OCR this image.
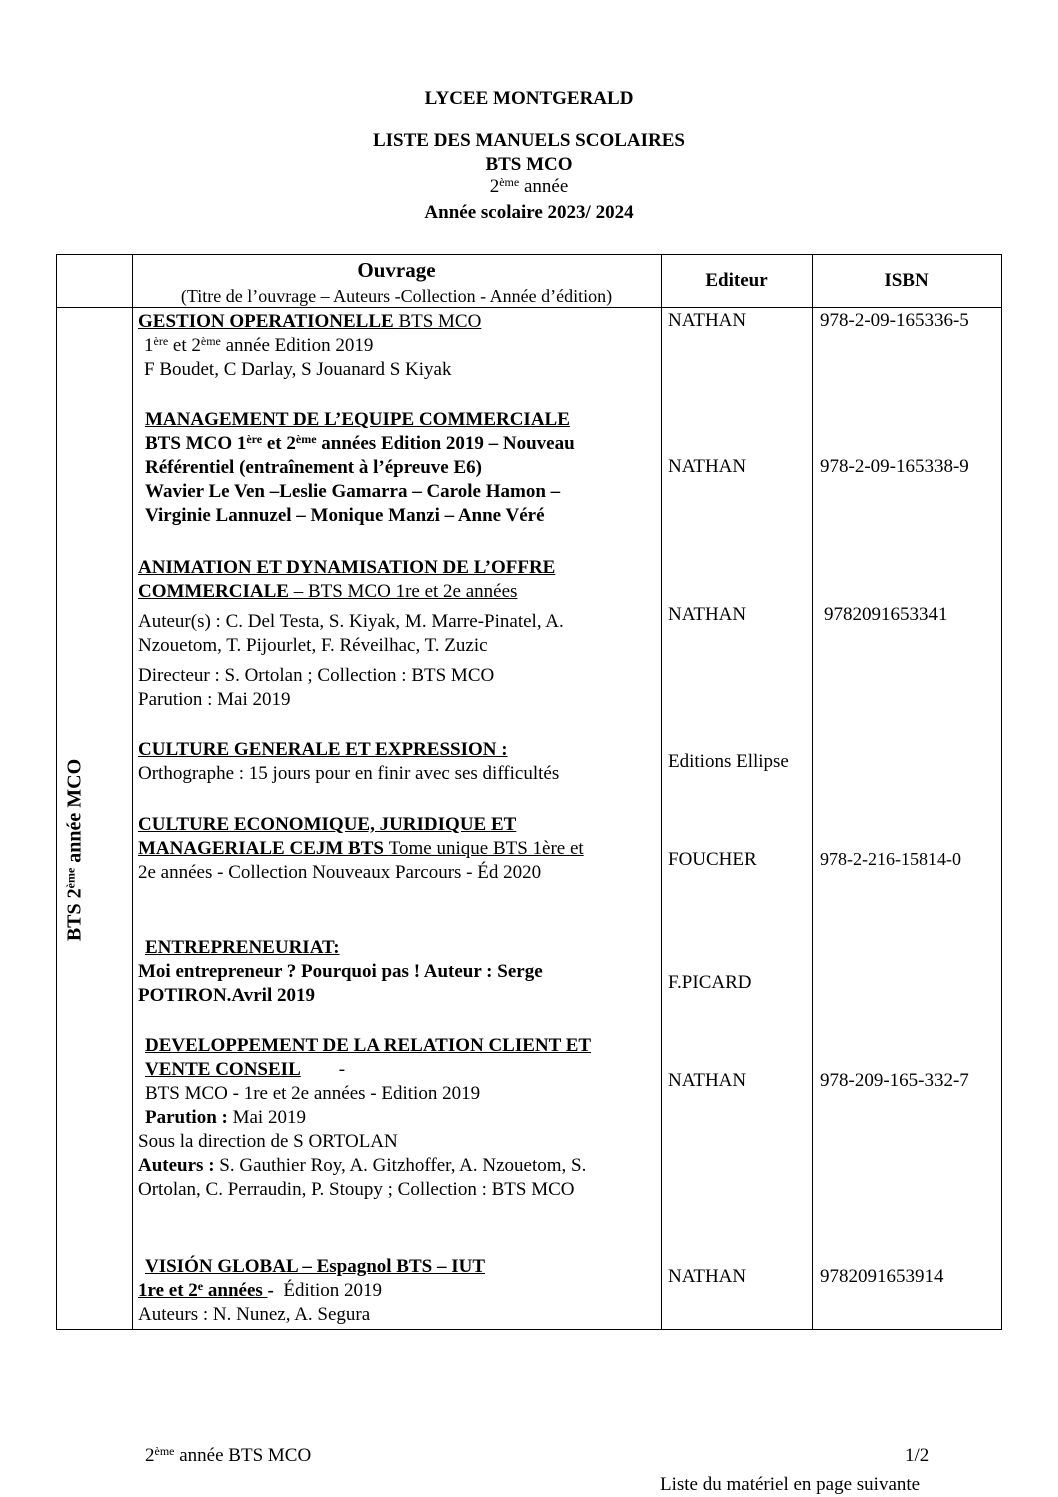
LYCEE MONTGERALD
LISTE DES MANUELS SCOLAIRES
BTS MCO
2ème année
Année scolaire 2023/ 2024
Ouvrage
(Titre de l’ouvrage – Auteurs -Collection - Année d’édition)
Editeur	ISBN
BTS 2ème année MCO
GESTION OPERATIONELLE BTS MCO
1ère et 2ème année Edition 2019
F Boudet, C Darlay, S Jouanard S Kiyak
NATHAN	978-2-09-165336-5
MANAGEMENT DE L’EQUIPE COMMERCIALE
BTS MCO 1ère et 2ème années Edition 2019 – Nouveau
Référentiel (entraînement à l’épreuve E6)
Wavier Le Ven –Leslie Gamarra – Carole Hamon –
Virginie Lannuzel – Monique Manzi – Anne Véré
NATHAN	978-2-09-165338-9
ANIMATION ET DYNAMISATION DE L’OFFRE
COMMERCIALE – BTS MCO 1re et 2e années
Auteur(s) : C. Del Testa, S. Kiyak, M. Marre-Pinatel, A.
Nzouetom, T. Pijourlet, F. Réveilhac, T. Zuzic
Directeur : S. Ortolan ; Collection : BTS MCO
Parution : Mai 2019
NATHAN	9782091653341
CULTURE GENERALE ET EXPRESSION :
Orthographe : 15 jours pour en finir avec ses difficultés
Editions Ellipse
CULTURE ECONOMIQUE, JURIDIQUE ET
MANAGERIALE CEJM BTS Tome unique BTS 1ère et
2e années - Collection Nouveaux Parcours - Éd 2020
FOUCHER	978-2-216-15814-0
ENTREPRENEURIAT:
Moi entrepreneur ? Pourquoi pas ! Auteur : Serge
POTIRON.Avril 2019
F.PICARD
DEVELOPPEMENT DE LA RELATION CLIENT ET
VENTE CONSEIL        -
BTS MCO - 1re et 2e années - Edition 2019
Parution : Mai 2019
Sous la direction de S ORTOLAN
Auteurs : S. Gauthier Roy, A. Gitzhoffer, A. Nzouetom, S.
Ortolan, C. Perraudin, P. Stoupy ; Collection : BTS MCO
NATHAN	978-209-165-332-7
VISIÓN GLOBAL – Espagnol BTS – IUT
1re et 2e années -  Édition 2019
Auteurs : N. Nunez, A. Segura
NATHAN	9782091653914
2ème année BTS MCO	1/2
Liste du matériel en page suivante
